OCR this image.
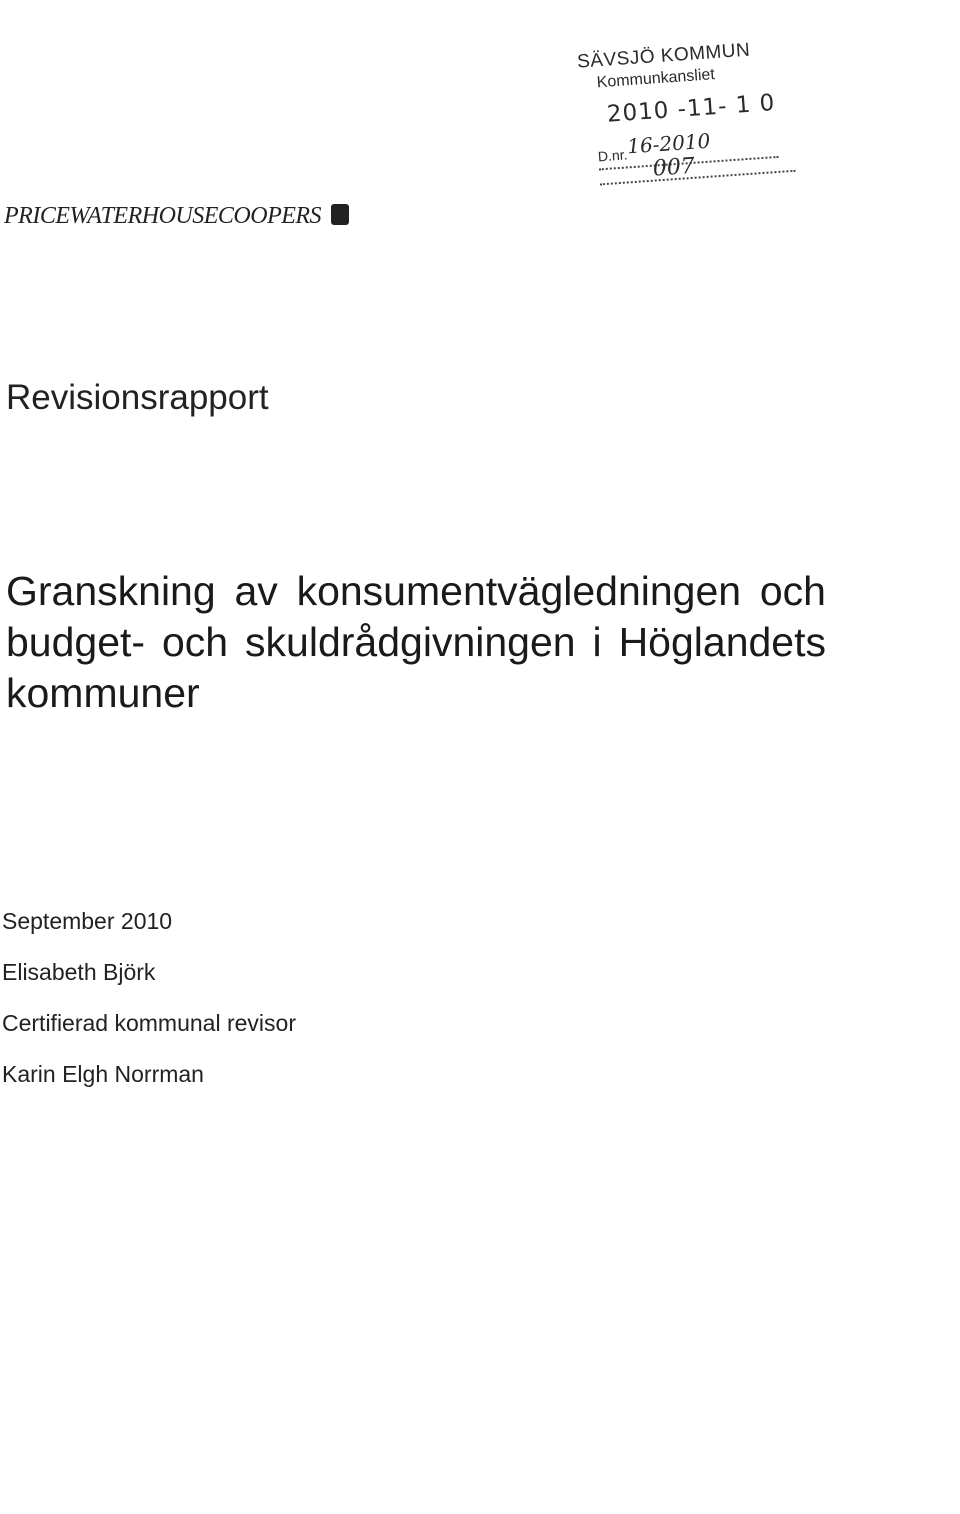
SÄVSJÖ KOMMUN
Kommunkansliet
2010 -11- 1 0
D.nr.
16-2010
007
PRICEWATERHOUSECOOPERS
Revisionsrapport
Granskning av konsumentvägledningen och budget- och skuldrådgivningen i Höglandets kommuner
September 2010
Elisabeth Björk
Certifierad kommunal revisor
Karin Elgh Norrman
